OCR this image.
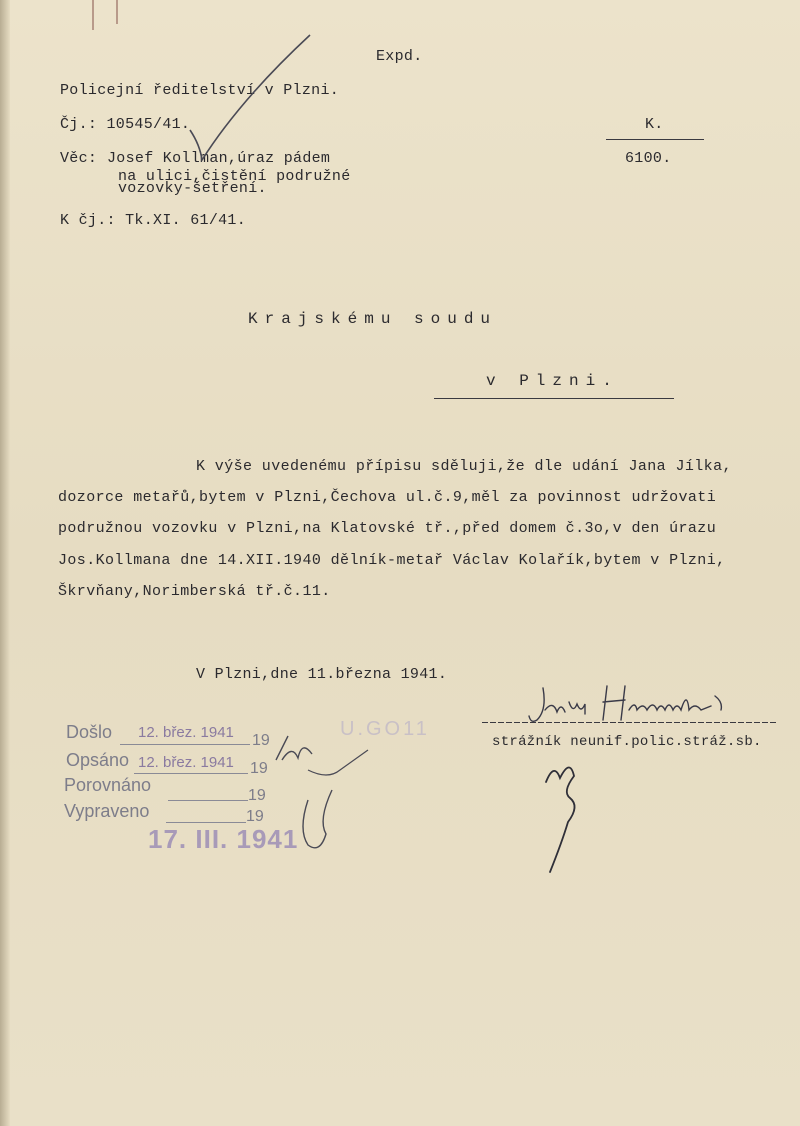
Expd.
Policejní ředitelství v Plzni.
Čj.: 10545/41.
Věc: Josef Kollman,úraz pádem
na ulici,čistění podružné
vozovky-šetření.
K čj.: Tk.XI. 61/41.
K.
6100.
Krajskému soudu
v Plzni.
K výše uvedenému přípisu sděluji,že dle udání Jana Jílka,
dozorce metařů,bytem v Plzni,Čechova ul.č.9,měl za povinnost udržovati
podružnou vozovku v Plzni,na Klatovské tř.,před domem č.3o,v den úrazu
Jos.Kollmana dne 14.XII.1940 dělník-metař Václav Kolařík,bytem v Plzni,
Škrvňany,Norimberská tř.č.11.
V Plzni,dne 11.března 1941.
strážník neunif.polic.stráž.sb.
Došlo 12. břez. 1941 19
Opsáno 12. břez. 1941 19
Porovnáno
19
Vypraveno	19
17. III. 1941
U.GO11
